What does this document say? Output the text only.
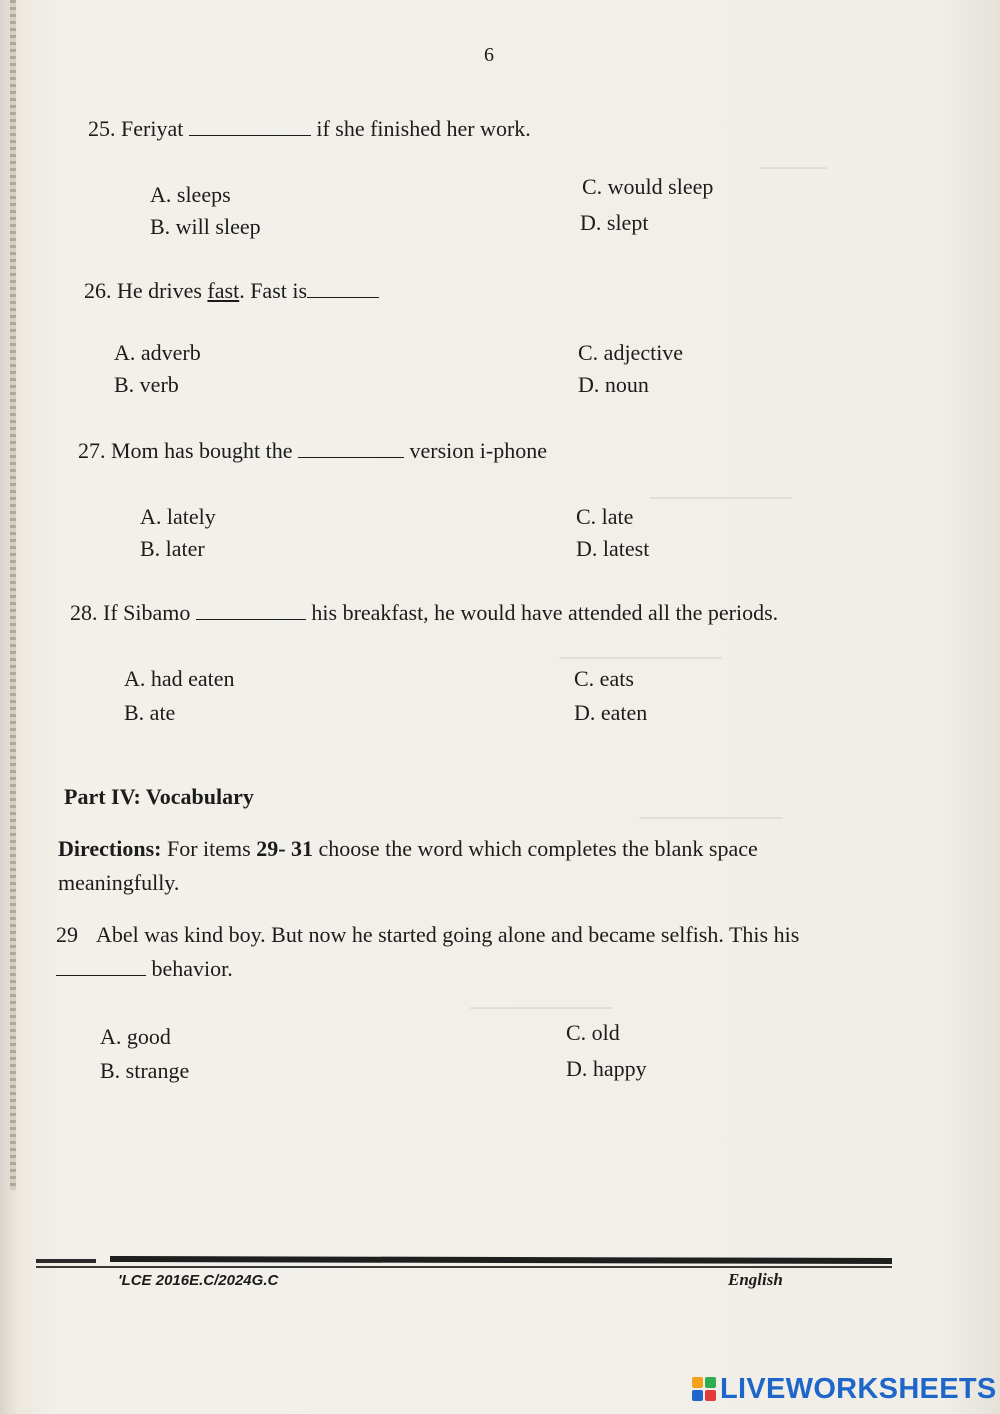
_______
_______________
_________________
_______________
_______________
6
25. Feriyat	if she finished her work.
A. sleeps
B. will sleep
C. would sleep
D. slept
26. He drives fast. Fast is
A. adverb
B. verb
C. adjective
D. noun
27. Mom has bought the	version i-phone
A. lately
B. later
C. late
D. latest
28. If Sibamo	his breakfast, he would have attended all the periods.
A. had eaten
B. ate
C. eats
D. eaten
Part IV: Vocabulary
Directions: For items 29- 31 choose the word which completes the blank space meaningfully.
29 Abel was kind boy. But now he started going alone and became selfish. This his  behavior.
A. good
B. strange
C. old
D. happy
'LCE 2016E.C/2024G.C	English
LIVEWORKSHEETS
